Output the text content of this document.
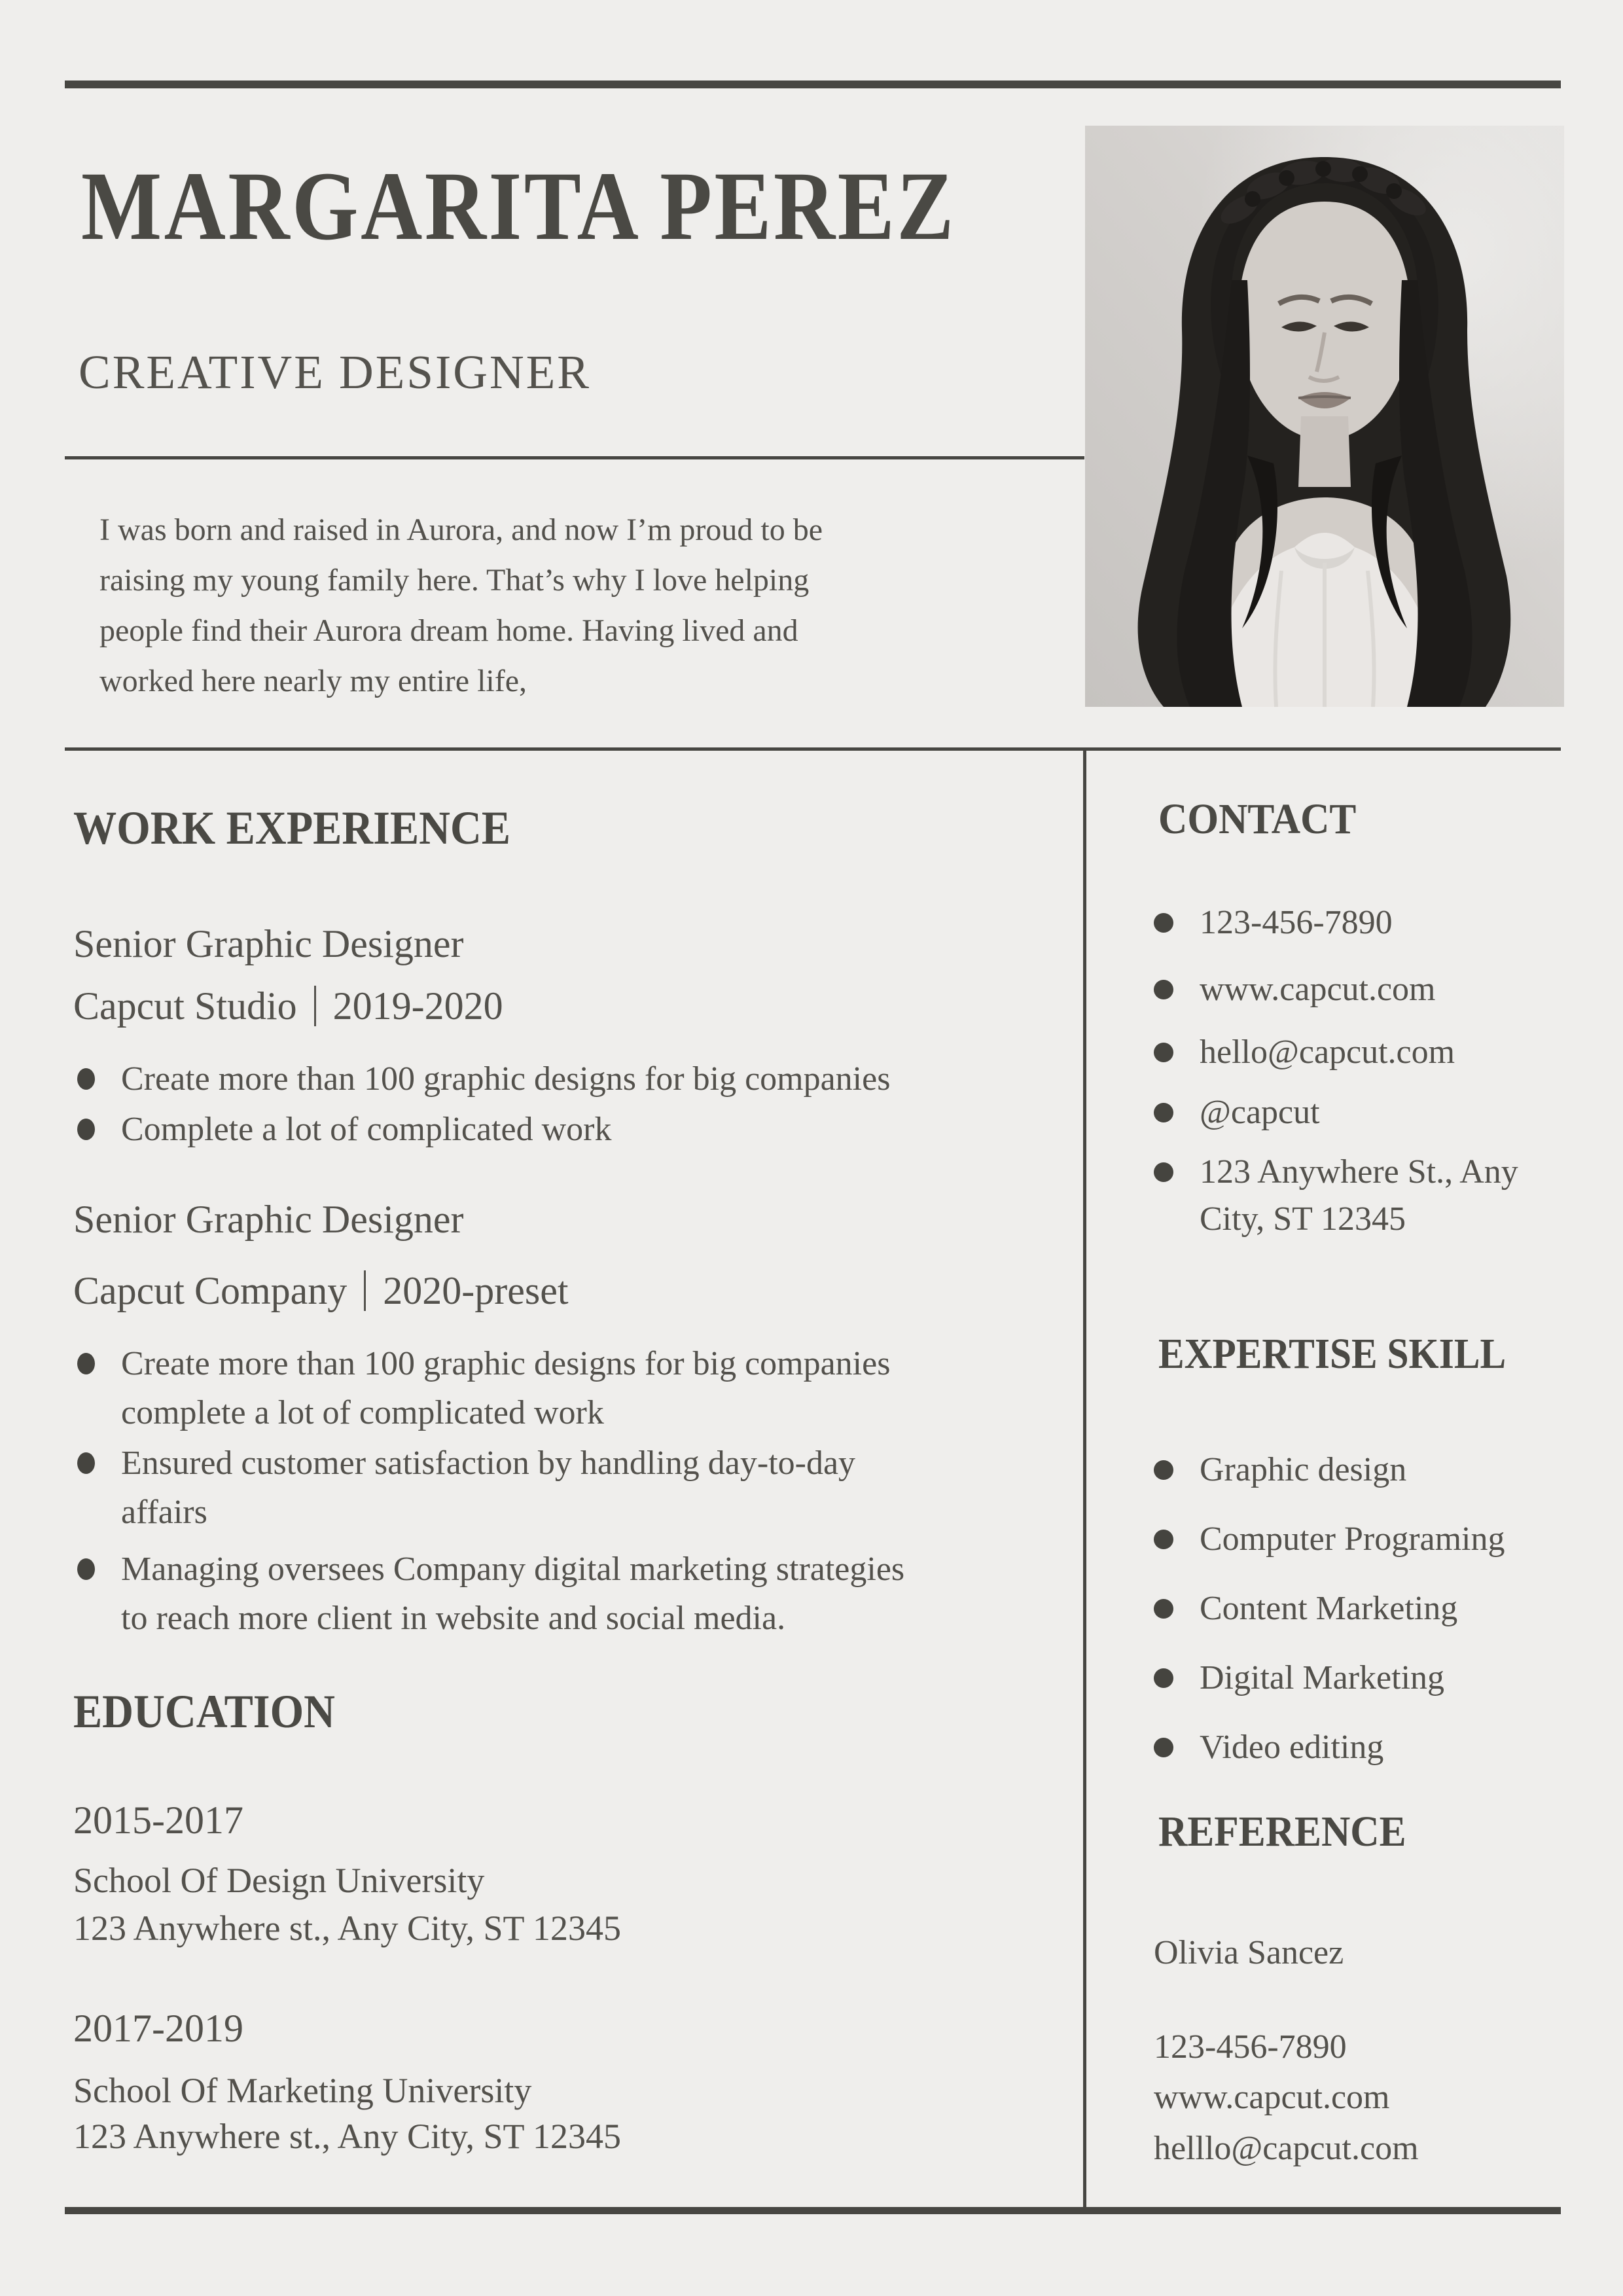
MARGARITA PEREZ
CREATIVE DESIGNER
I was born and raised in Aurora, and now I’m proud to be
raising my young family here. That’s why I love helping
people find their Aurora dream home. Having lived and
worked here nearly my entire life,
WORK EXPERIENCE
Senior Graphic Designer
Capcut Studio 2019-2020
Create more than 100 graphic designs for big companies
Complete a lot of complicated work
Senior Graphic Designer
Capcut Company 2020-preset
Create more than 100 graphic designs for big companies complete a lot of complicated work
Ensured customer satisfaction by handling day-to-day affairs
Managing oversees Company digital marketing strategies to reach more client in website and social media.
EDUCATION
2015-2017
School Of Design University
123 Anywhere st., Any City, ST 12345
2017-2019
School Of Marketing University
123 Anywhere st., Any City, ST 12345
CONTACT
123-456-7890
www.capcut.com
hello@capcut.com
@capcut
123 Anywhere St., Any City, ST 12345
EXPERTISE SKILL
Graphic design
Computer Programing
Content Marketing
Digital Marketing
Video editing
REFERENCE
Olivia Sancez
123-456-7890
www.capcut.com
helllo@capcut.com
